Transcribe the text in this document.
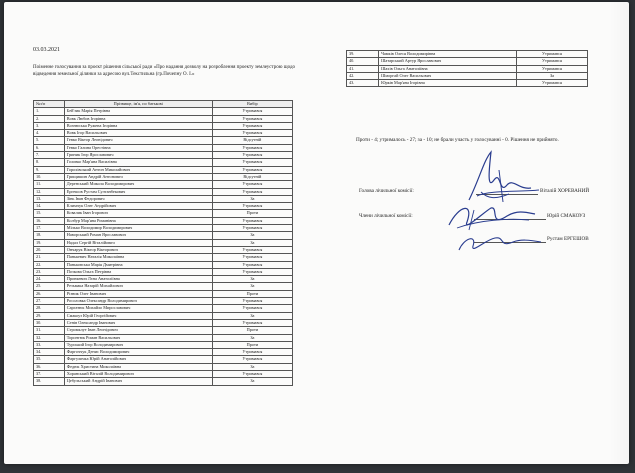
03.03.2021
Поіменне голосування за проєкт рішення сільської ради «Про надання дозволу на розроблення проекту землеустрою щодо відведення земельної ділянки за адресою вул.Текстильна (гр.Почепну О. І.»
№з/п	Прізвище, ім'я, по батькові	Вибір
1.	Бей'зик Марія Петрівна	Утримався
2.	Вовк Любов Ігорівна	Утримався
3.	Вознюська Ружена Ігорівна	Утримався
4.	Вовк Ігор Васильович	Утримався
5.	Гевко Віктор Леонідович	Відсутній
6.	Гевко Галина Орестівна	Утримався
7.	Гриник Ігор Ярославович	Утримався
8.	Головко Мар'яна Василівна	Утримався
9.	Горохівський Антон Миколайович	Утримався
10.	Грищишин Андрій Антонович	Відсутній
11.	Деренський Микола Володимирович	Утримався
12.	Ергешов Рустам Султанбекович	Утримався
13.	Зінь Іван Федорович	За
14.	Климчук Олег Андрійович	Утримався
15.	Ковалик Іван Ігорович	Проти
16.	Колбур Мар'яна Романівна	Утримався
17.	Мілько Володимир Володимирович	Утримався
18.	Наворський Роман Ярославович	За
19.	Надал Сергій Віталійович	За
20.	Ончарук Віктор Вікторович	Утримався
21.	Панькевич Наталія Миколаївна	Утримався
22.	Паньковська Марія Дмитрівна	Утримався
23.	Позкова Ольга Петрівна	Утримався
24.	Пронкевич Лєна Анатоліївна	За
25.	Резьмака Назарій Михайлович	За
26.	Різник Олег Іванович	Проти
27.	Росоловка Олександр Володимирович	Утримався
28.	Саргатюк Михайло Мирославович	Утримався
29.	Смакоуз Юрій Георгійович	За
30.	Сенів Олександр Іванович	Утримався
31.	Стромклут Іван Леонідович	Проти
32.	Торонтюк Роман Васильович	За
33.	Турський Ігор Володимирович	Проти
34.	Фаргоччук Денис Володимирович	Утримався
35.	Фаргуличка Юрій Анатолійович	Утримався
36.	Федюк Христина Миколаївна	За
37.	Хоранський Віталій Володимирович	Утримався
38.	Цебульський Андрій Іванович	За
39.	Чамків Олеся Володимирівна	Утримався
40.	Шатарський Артур Ярославович	Утримався
41.	Шахів Ольга Анатоліївна	Утримався
42.	Шморгай Олег Васильович	За
43.	Юрків Мар'яна Ігорівна	Утримався
Проти - 4; утрималось - 27; за - 10; не брали участь у голосуванні - 0. Рішення не прийнято.
Голова лічильної комісії:	Віталій ХОРЕВАНИЙ
Члени лічильної комісії:	Юрій СМАКОУЗ
Рустам ЕРГЕШОВ
